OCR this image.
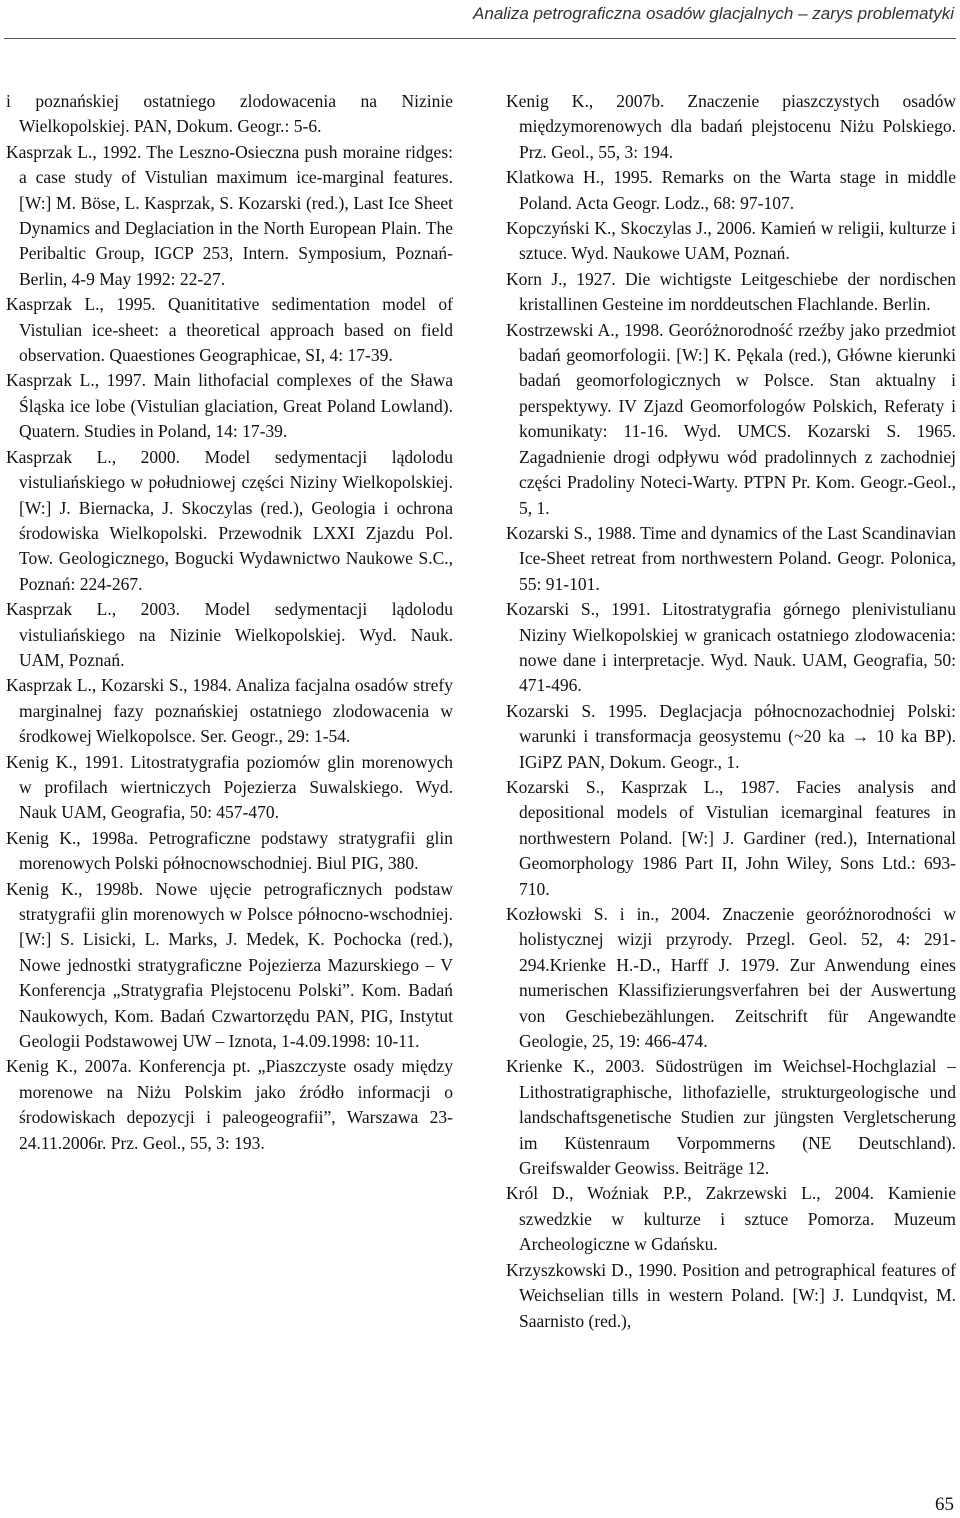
Analiza petrograficzna osadów glacjalnych – zarys problematyki

i poznańskiej ostatniego zlodowacenia na Nizinie Wielkopolskiej. PAN, Dokum. Geogr.: 5-6.

Kasprzak L., 1992. The Leszno-Osieczna push moraine ridges: a case study of Vistulian maximum ice-marginal features. [W:] M. Böse, L. Kasprzak, S. Kozarski (red.), Last Ice Sheet Dynamics and Deglaciation in the North European Plain. The Peribaltic Group, IGCP 253, Intern. Symposium, Poznań-Berlin, 4-9 May 1992: 22-27.

Kasprzak L., 1995. Quanititative sedimentation model of Vistulian ice-sheet: a theoretical approach based on field observation. Quaestiones Geographicae, SI, 4: 17-39.

Kasprzak L., 1997. Main lithofacial complexes of the Sława Śląska ice lobe (Vistulian glaciation, Great Poland Lowland). Quatern. Studies in Poland, 14: 17-39.

Kasprzak L., 2000. Model sedymentacji lądolodu vistuliańskiego w południowej części Niziny Wielkopolskiej. [W:] J. Biernacka, J. Skoczylas (red.), Geologia i ochrona środowiska Wielkopolski. Przewodnik LXXI Zjazdu Pol. Tow. Geologicznego, Bogucki Wydawnictwo Naukowe S.C., Poznań: 224-267.

Kasprzak L., 2003. Model sedymentacji lądolodu vistuliańskiego na Nizinie Wielkopolskiej. Wyd. Nauk. UAM, Poznań.

Kasprzak L., Kozarski S., 1984. Analiza facjalna osadów strefy marginalnej fazy poznańskiej ostatniego zlodowacenia w środkowej Wielkopolsce. Ser. Geogr., 29: 1-54.

Kenig K., 1991. Litostratygrafia poziomów glin morenowych w profilach wiertniczych Pojezierza Suwalskiego. Wyd. Nauk UAM, Geografia, 50: 457-470.

Kenig K., 1998a. Petrograficzne podstawy stratygrafii glin morenowych Polski północnowschodniej. Biul PIG, 380.

Kenig K., 1998b. Nowe ujęcie petrograficznych podstaw stratygrafii glin morenowych w Polsce północno-wschodniej. [W:] S. Lisicki, L. Marks, J. Medek, K. Pochocka (red.), Nowe jednostki stratygraficzne Pojezierza Mazurskiego – V Konferencja „Stratygrafia Plejstocenu Polski”. Kom. Badań Naukowych, Kom. Badań Czwartorzędu PAN, PIG, Instytut Geologii Podstawowej UW – Iznota, 1-4.09.1998: 10-11.

Kenig K., 2007a. Konferencja pt. „Piaszczyste osady między morenowe na Niżu Polskim jako źródło informacji o środowiskach depozycji i paleogeografii”, Warszawa 23-24.11.2006r. Prz. Geol., 55, 3: 193.

Kenig K., 2007b. Znaczenie piaszczystych osadów międzymorenowych dla badań plejstocenu Niżu Polskiego. Prz. Geol., 55, 3: 194.

Klatkowa H., 1995. Remarks on the Warta stage in middle Poland. Acta Geogr. Lodz., 68: 97-107.

Kopczyński K., Skoczylas J., 2006. Kamień w religii, kulturze i sztuce. Wyd. Naukowe UAM, Poznań.

Korn J., 1927. Die wichtigste Leitgeschiebe der nordischen kristallinen Gesteine im norddeutschen Flachlande. Berlin.

Kostrzewski A., 1998. Georóżnorodność rzeźby jako przedmiot badań geomorfologii. [W:] K. Pękala (red.), Główne kierunki badań geomorfologicznych w Polsce. Stan aktualny i perspektywy. IV Zjazd Geomorfologów Polskich, Referaty i komunikaty: 11-16. Wyd. UMCS. Kozarski S. 1965. Zagadnienie drogi odpływu wód pradolinnych z zachodniej części Pradoliny Noteci-Warty. PTPN Pr. Kom. Geogr.-Geol., 5, 1.

Kozarski S., 1988. Time and dynamics of the Last Scandinavian Ice-Sheet retreat from northwestern Poland. Geogr. Polonica, 55: 91-101.

Kozarski S., 1991. Litostratygrafia górnego plenivistulianu Niziny Wielkopolskiej w granicach ostatniego zlodowacenia: nowe dane i interpretacje. Wyd. Nauk. UAM, Geografia, 50: 471-496.

Kozarski S. 1995. Deglacjacja północnozachodniej Polski: warunki i transformacja geosystemu (~20 ka → 10 ka BP). IGiPZ PAN, Dokum. Geogr., 1.

Kozarski S., Kasprzak L., 1987. Facies analysis and depositional models of Vistulian icemarginal features in northwestern Poland. [W:] J. Gardiner (red.), International Geomorphology 1986 Part II, John Wiley, Sons Ltd.: 693-710.

Kozłowski S. i in., 2004. Znaczenie georóżnorodności w holistycznej wizji przyrody. Przegl. Geol. 52, 4: 291-294.Krienke H.-D., Harff J. 1979. Zur Anwendung eines numerischen Klassifizierungsverfahren bei der Auswertung von Geschiebezählungen. Zeitschrift für Angewandte Geologie, 25, 19: 466-474.

Krienke K., 2003. Südostrügen im Weichsel-Hochglazial – Lithostratigraphische, lithofazielle, strukturgeologische und landschaftsgenetische Studien zur jüngsten Vergletscherung im Küstenraum Vorpommerns (NE Deutschland). Greifswalder Geowiss. Beiträge 12.

Król D., Woźniak P.P., Zakrzewski L., 2004. Kamienie szwedzkie w kulturze i sztuce Pomorza. Muzeum Archeologiczne w Gdańsku.

Krzyszkowski D., 1990. Position and petrographical features of Weichselian tills in western Poland. [W:] J. Lundqvist, M. Saarnisto (red.),

65
